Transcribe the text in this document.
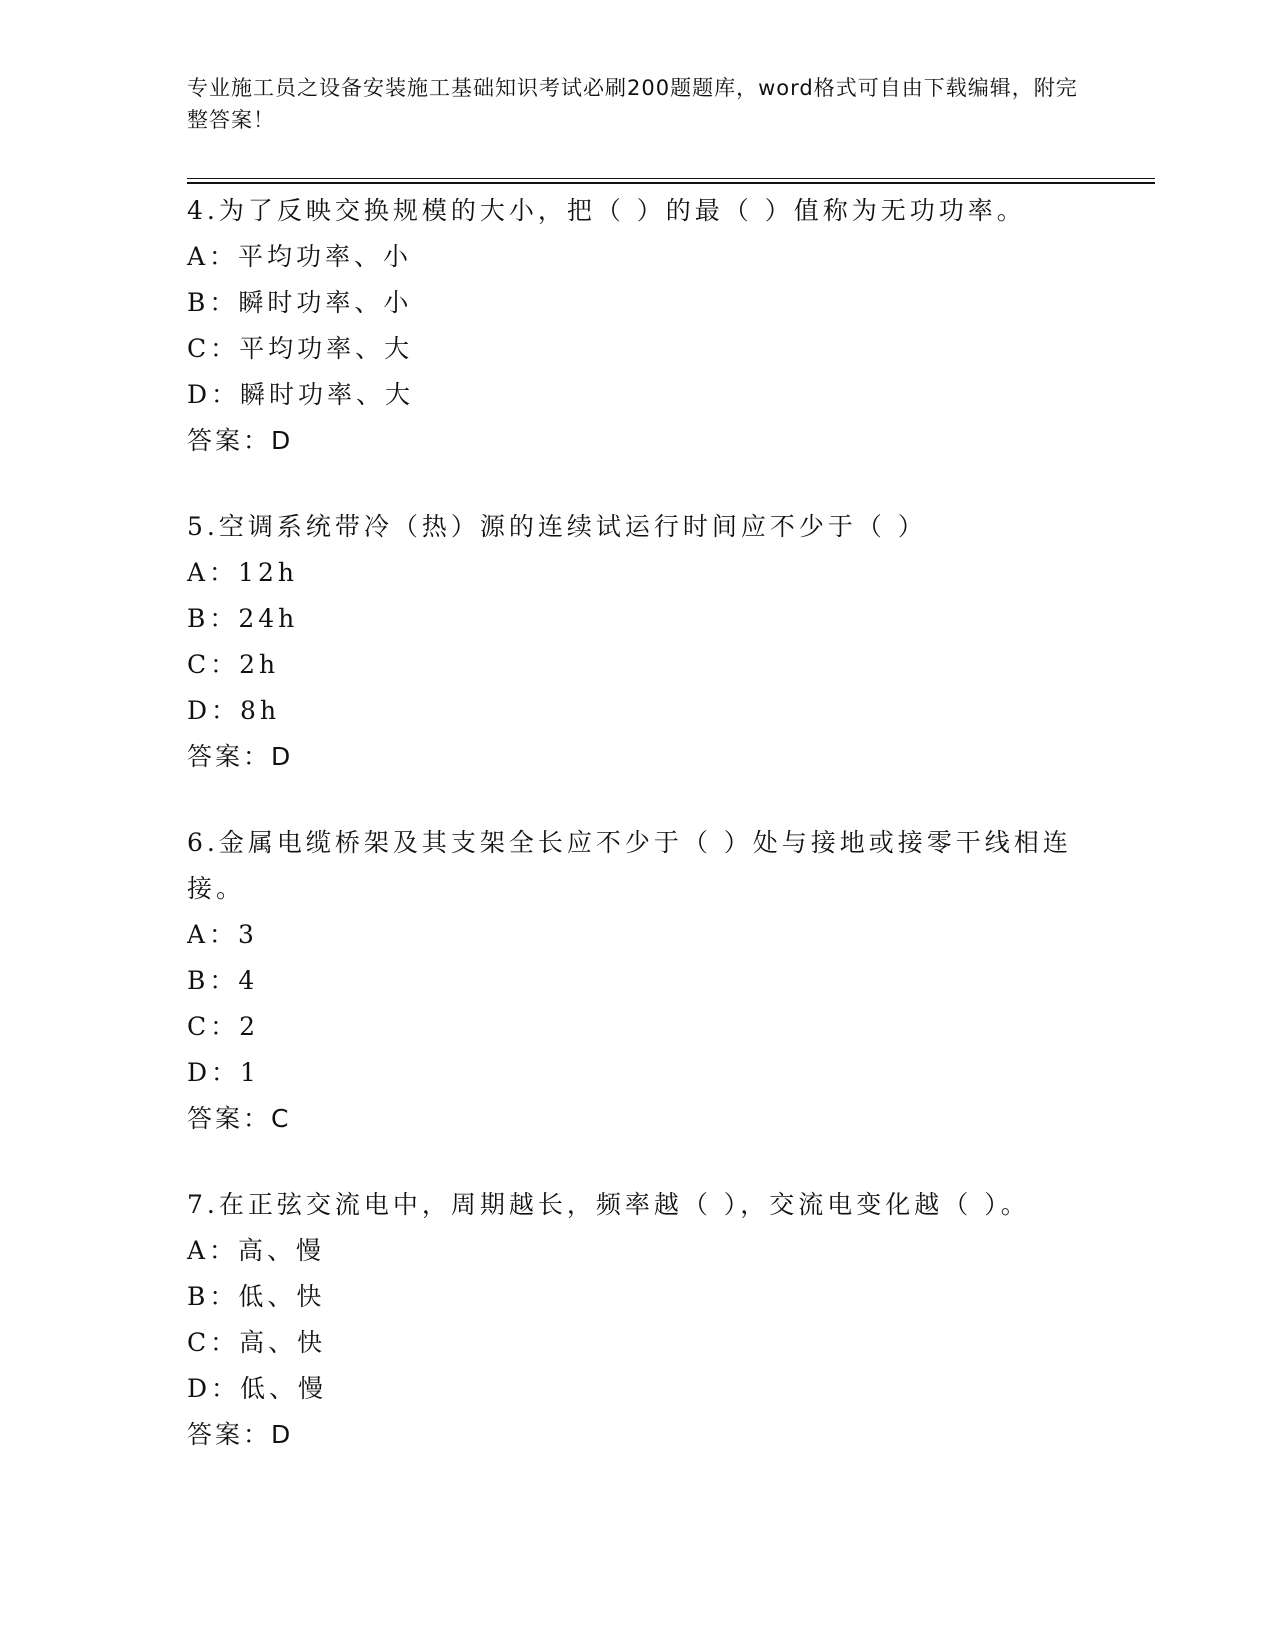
专业施工员之设备安装施工基础知识考试必刷200题题库，word格式可自由下载编辑，附完整答案！
4.为了反映交换规模的大小，把（ ）的最（ ）值称为无功功率。
A：平均功率、小
B：瞬时功率、小
C：平均功率、大
D：瞬时功率、大
答案：D
5.空调系统带冷（热）源的连续试运行时间应不少于（ ）
A：12h
B：24h
C：2h
D：8h
答案：D
6.金属电缆桥架及其支架全长应不少于（ ）处与接地或接零干线相连接。
A：3
B：4
C：2
D：1
答案：C
7.在正弦交流电中，周期越长，频率越（ ），交流电变化越（ ）。
A：高、慢
B：低、快
C：高、快
D：低、慢
答案：D
